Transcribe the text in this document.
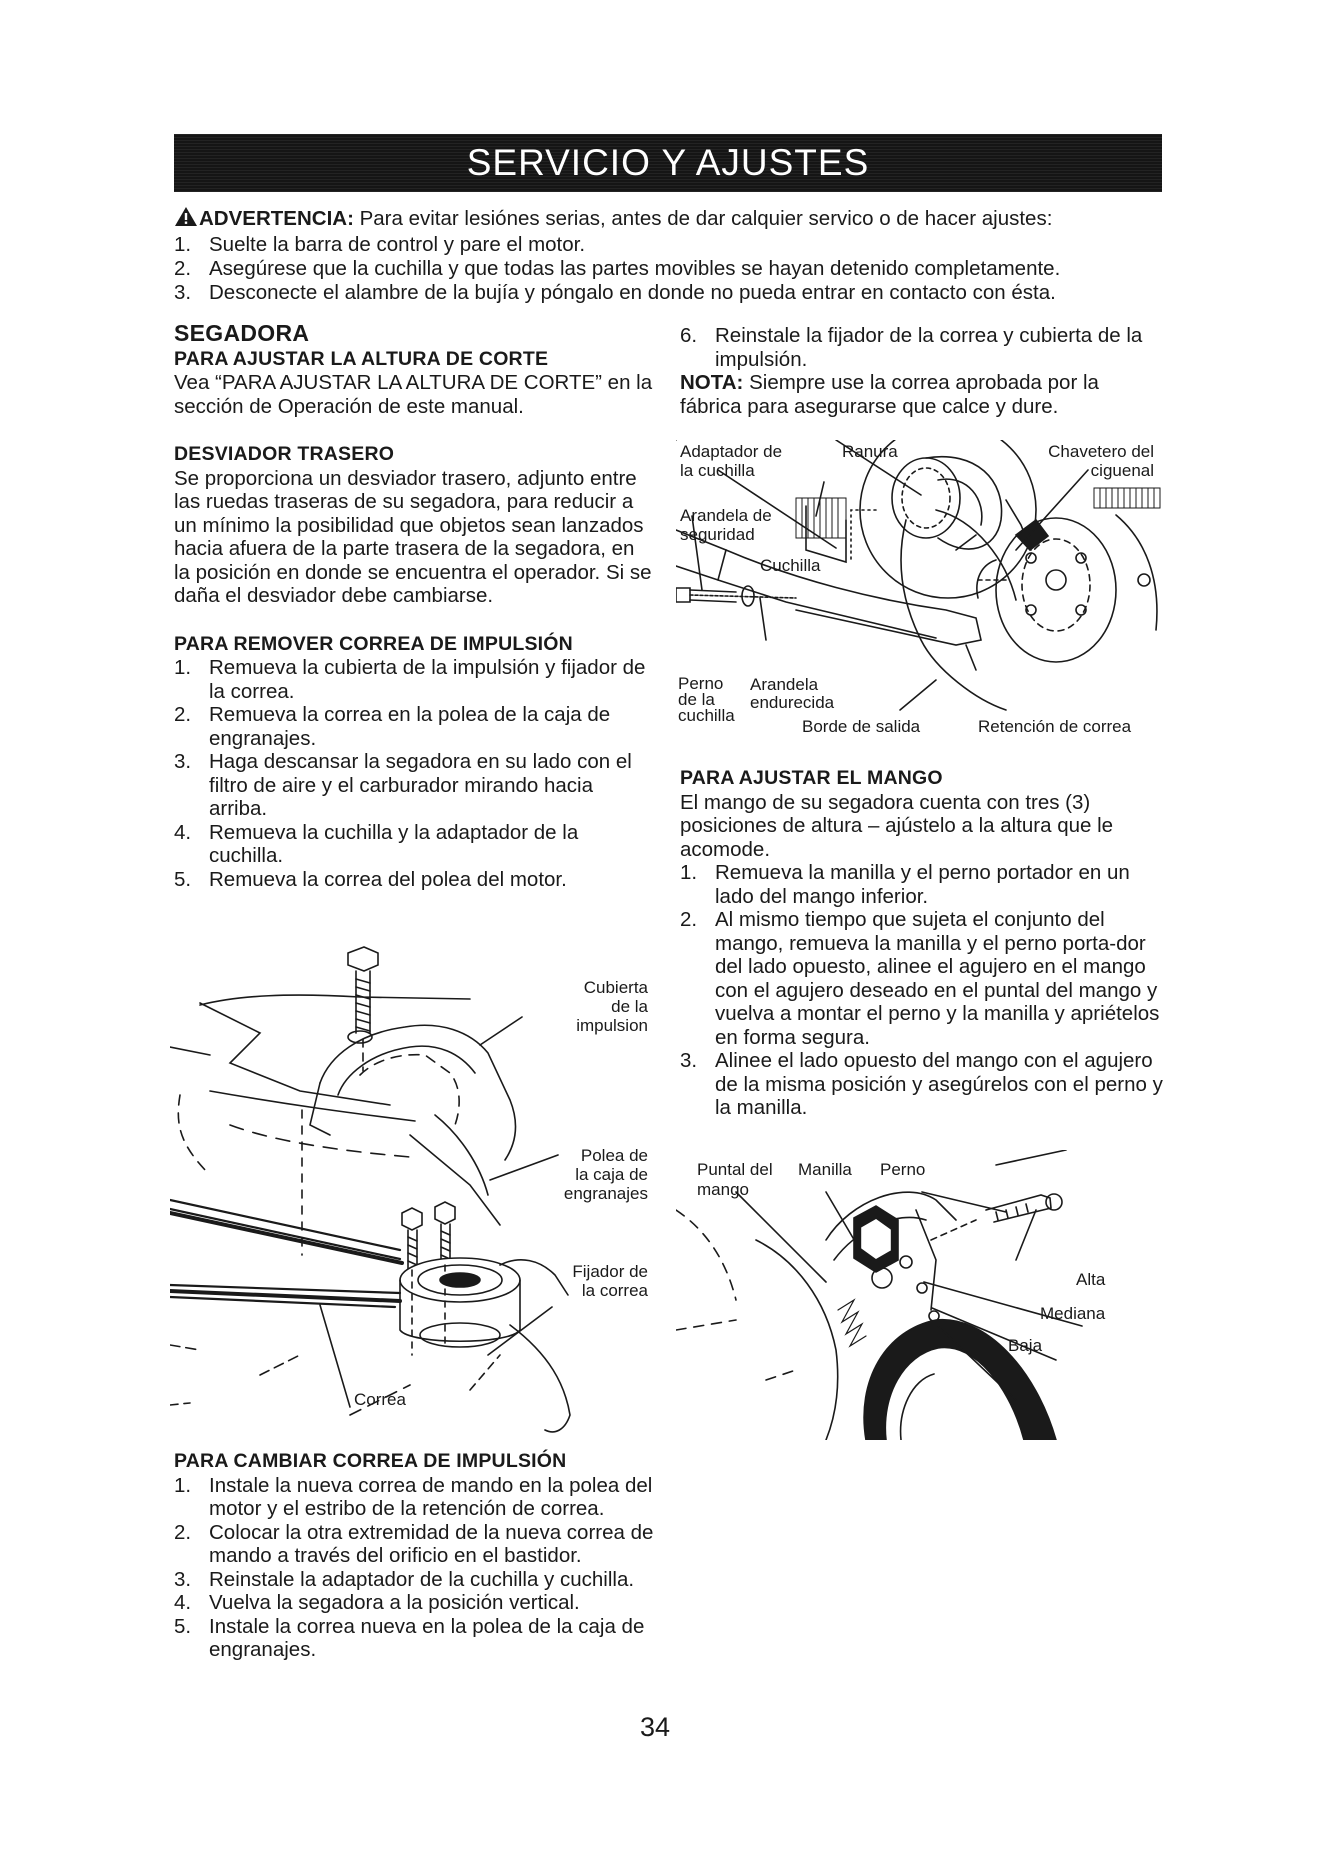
SERVICIO Y AJUSTES
ADVERTENCIA: Para evitar lesiónes serias, antes de dar calquier servico o de hacer ajustes:
1. Suelte la barra de control y pare el motor.
2. Asegúrese que la cuchilla y que todas las partes movibles se hayan detenido completamente.
3. Desconecte el alambre de la bujía y póngalo en donde no pueda entrar en contacto con ésta.
SEGADORA
PARA AJUSTAR LA ALTURA DE CORTE

Vea “PARA AJUSTAR LA ALTURA DE CORTE” en la sección de Operación de este manual.

DESVIADOR TRASERO

Se proporciona un desviador trasero, adjunto entre las ruedas traseras de su segadora, para reducir a un mínimo la posibilidad que objetos sean lanzados hacia afuera de la parte trasera de la segadora, en la posición en donde se encuentra el operador. Si se daña el desviador debe cambiarse.

PARA REMOVER CORREA DE IMPULSIÓN
1. Remueva la cubierta de la impulsión y fijador de la correa.
2. Remueva la correa en la polea de la caja de engranajes.
3. Haga descansar la segadora en su lado con el filtro de aire y el carburador mirando hacia arriba.
4. Remueva la cuchilla y la adaptador de la cuchilla.
5. Remueva la correa del polea del motor.
Cubierta
de la
impulsion
Polea de
la caja de
engranajes
Fijador de
la correa
Correa
PARA CAMBIAR CORREA DE IMPULSIÓN
1. Instale la nueva correa de mando en la polea del motor y el estribo de la retención de correa.
2. Colocar la otra extremidad de la nueva correa de mando a través del orificio en el bastidor.
3. Reinstale la adaptador de la cuchilla y cuchilla.
4. Vuelva la segadora a la posición vertical.
5. Instale la correa nueva en la polea de la caja de engranajes.
6. Reinstale la fijador de la correa y cubierta de la impulsión.

NOTA: Siempre use la correa aprobada por la fábrica para asegurarse que calce y dure.

Adaptador de
la cuchilla
Ranura	Chavetero del
ciguenal
Arandela de
seguridad
Cuchilla
Perno
de la
cuchilla
Arandela
endurecida
Borde de salida	Retención de correa
PARA AJUSTAR EL MANGO

El mango de su segadora cuenta con tres (3) posiciones de altura – ajústelo a la altura que le acomode.

1. Remueva la manilla y el perno portador en un lado del mango inferior.
2. Al mismo tiempo que sujeta el conjunto del mango, remueva la manilla y el perno porta-dor del lado opuesto, alinee el agujero en el mango con el agujero deseado en el puntal del mango y vuelva a montar el perno y la manilla y apriételos en forma segura.
3. Alinee el lado opuesto del mango con el agujero de la misma posición y asegúrelos con el perno y la manilla.
Puntal del
mango
Manilla Perno
Alta
Mediana
Baja
34
